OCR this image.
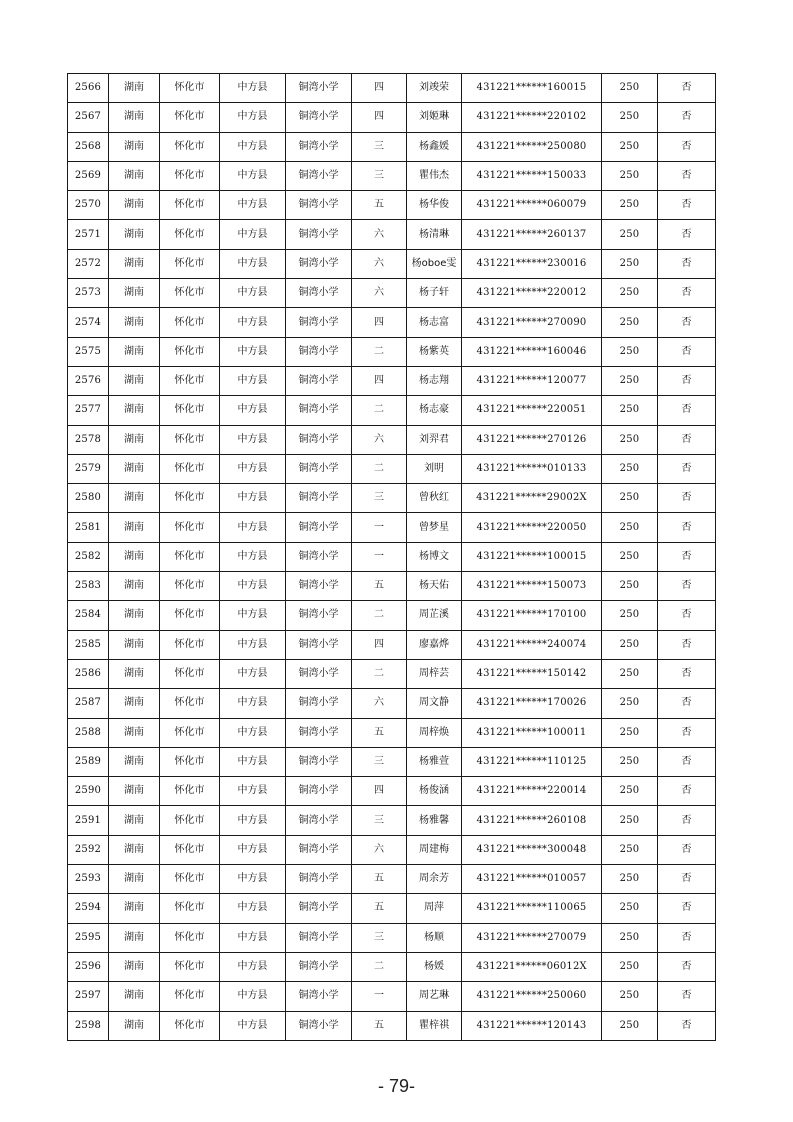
2566	湖南	怀化市	中方县	铜湾小学	四	刘竣荣	431221******160015	250	否
2567	湖南	怀化市	中方县	铜湾小学	四	刘姬琳	431221******220102	250	否
2568	湖南	怀化市	中方县	铜湾小学	三	杨鑫媛	431221******250080	250	否
2569	湖南	怀化市	中方县	铜湾小学	三	瞿伟杰	431221******150033	250	否
2570	湖南	怀化市	中方县	铜湾小学	五	杨华俊	431221******060079	250	否
2571	湖南	怀化市	中方县	铜湾小学	六	杨清琳	431221******260137	250	否
2572	湖南	怀化市	中方县	铜湾小学	六	杨oboe雯	431221******230016	250	否
2573	湖南	怀化市	中方县	铜湾小学	六	杨子轩	431221******220012	250	否
2574	湖南	怀化市	中方县	铜湾小学	四	杨志富	431221******270090	250	否
2575	湖南	怀化市	中方县	铜湾小学	二	杨紫英	431221******160046	250	否
2576	湖南	怀化市	中方县	铜湾小学	四	杨志翔	431221******120077	250	否
2577	湖南	怀化市	中方县	铜湾小学	二	杨志豪	431221******220051	250	否
2578	湖南	怀化市	中方县	铜湾小学	六	刘羿君	431221******270126	250	否
2579	湖南	怀化市	中方县	铜湾小学	二	刘明	431221******010133	250	否
2580	湖南	怀化市	中方县	铜湾小学	三	曾秋红	431221******29002X	250	否
2581	湖南	怀化市	中方县	铜湾小学	一	曾梦星	431221******220050	250	否
2582	湖南	怀化市	中方县	铜湾小学	一	杨博文	431221******100015	250	否
2583	湖南	怀化市	中方县	铜湾小学	五	杨天佑	431221******150073	250	否
2584	湖南	怀化市	中方县	铜湾小学	二	周芷溪	431221******170100	250	否
2585	湖南	怀化市	中方县	铜湾小学	四	廖嘉烨	431221******240074	250	否
2586	湖南	怀化市	中方县	铜湾小学	二	周梓芸	431221******150142	250	否
2587	湖南	怀化市	中方县	铜湾小学	六	周文静	431221******170026	250	否
2588	湖南	怀化市	中方县	铜湾小学	五	周梓焕	431221******100011	250	否
2589	湖南	怀化市	中方县	铜湾小学	三	杨雅萱	431221******110125	250	否
2590	湖南	怀化市	中方县	铜湾小学	四	杨俊涵	431221******220014	250	否
2591	湖南	怀化市	中方县	铜湾小学	三	杨雅馨	431221******260108	250	否
2592	湖南	怀化市	中方县	铜湾小学	六	周建梅	431221******300048	250	否
2593	湖南	怀化市	中方县	铜湾小学	五	周余芳	431221******010057	250	否
2594	湖南	怀化市	中方县	铜湾小学	五	周萍	431221******110065	250	否
2595	湖南	怀化市	中方县	铜湾小学	三	杨顺	431221******270079	250	否
2596	湖南	怀化市	中方县	铜湾小学	二	杨媛	431221******06012X	250	否
2597	湖南	怀化市	中方县	铜湾小学	一	周艺琳	431221******250060	250	否
2598	湖南	怀化市	中方县	铜湾小学	五	瞿梓祺	431221******120143	250	否
- 79-
